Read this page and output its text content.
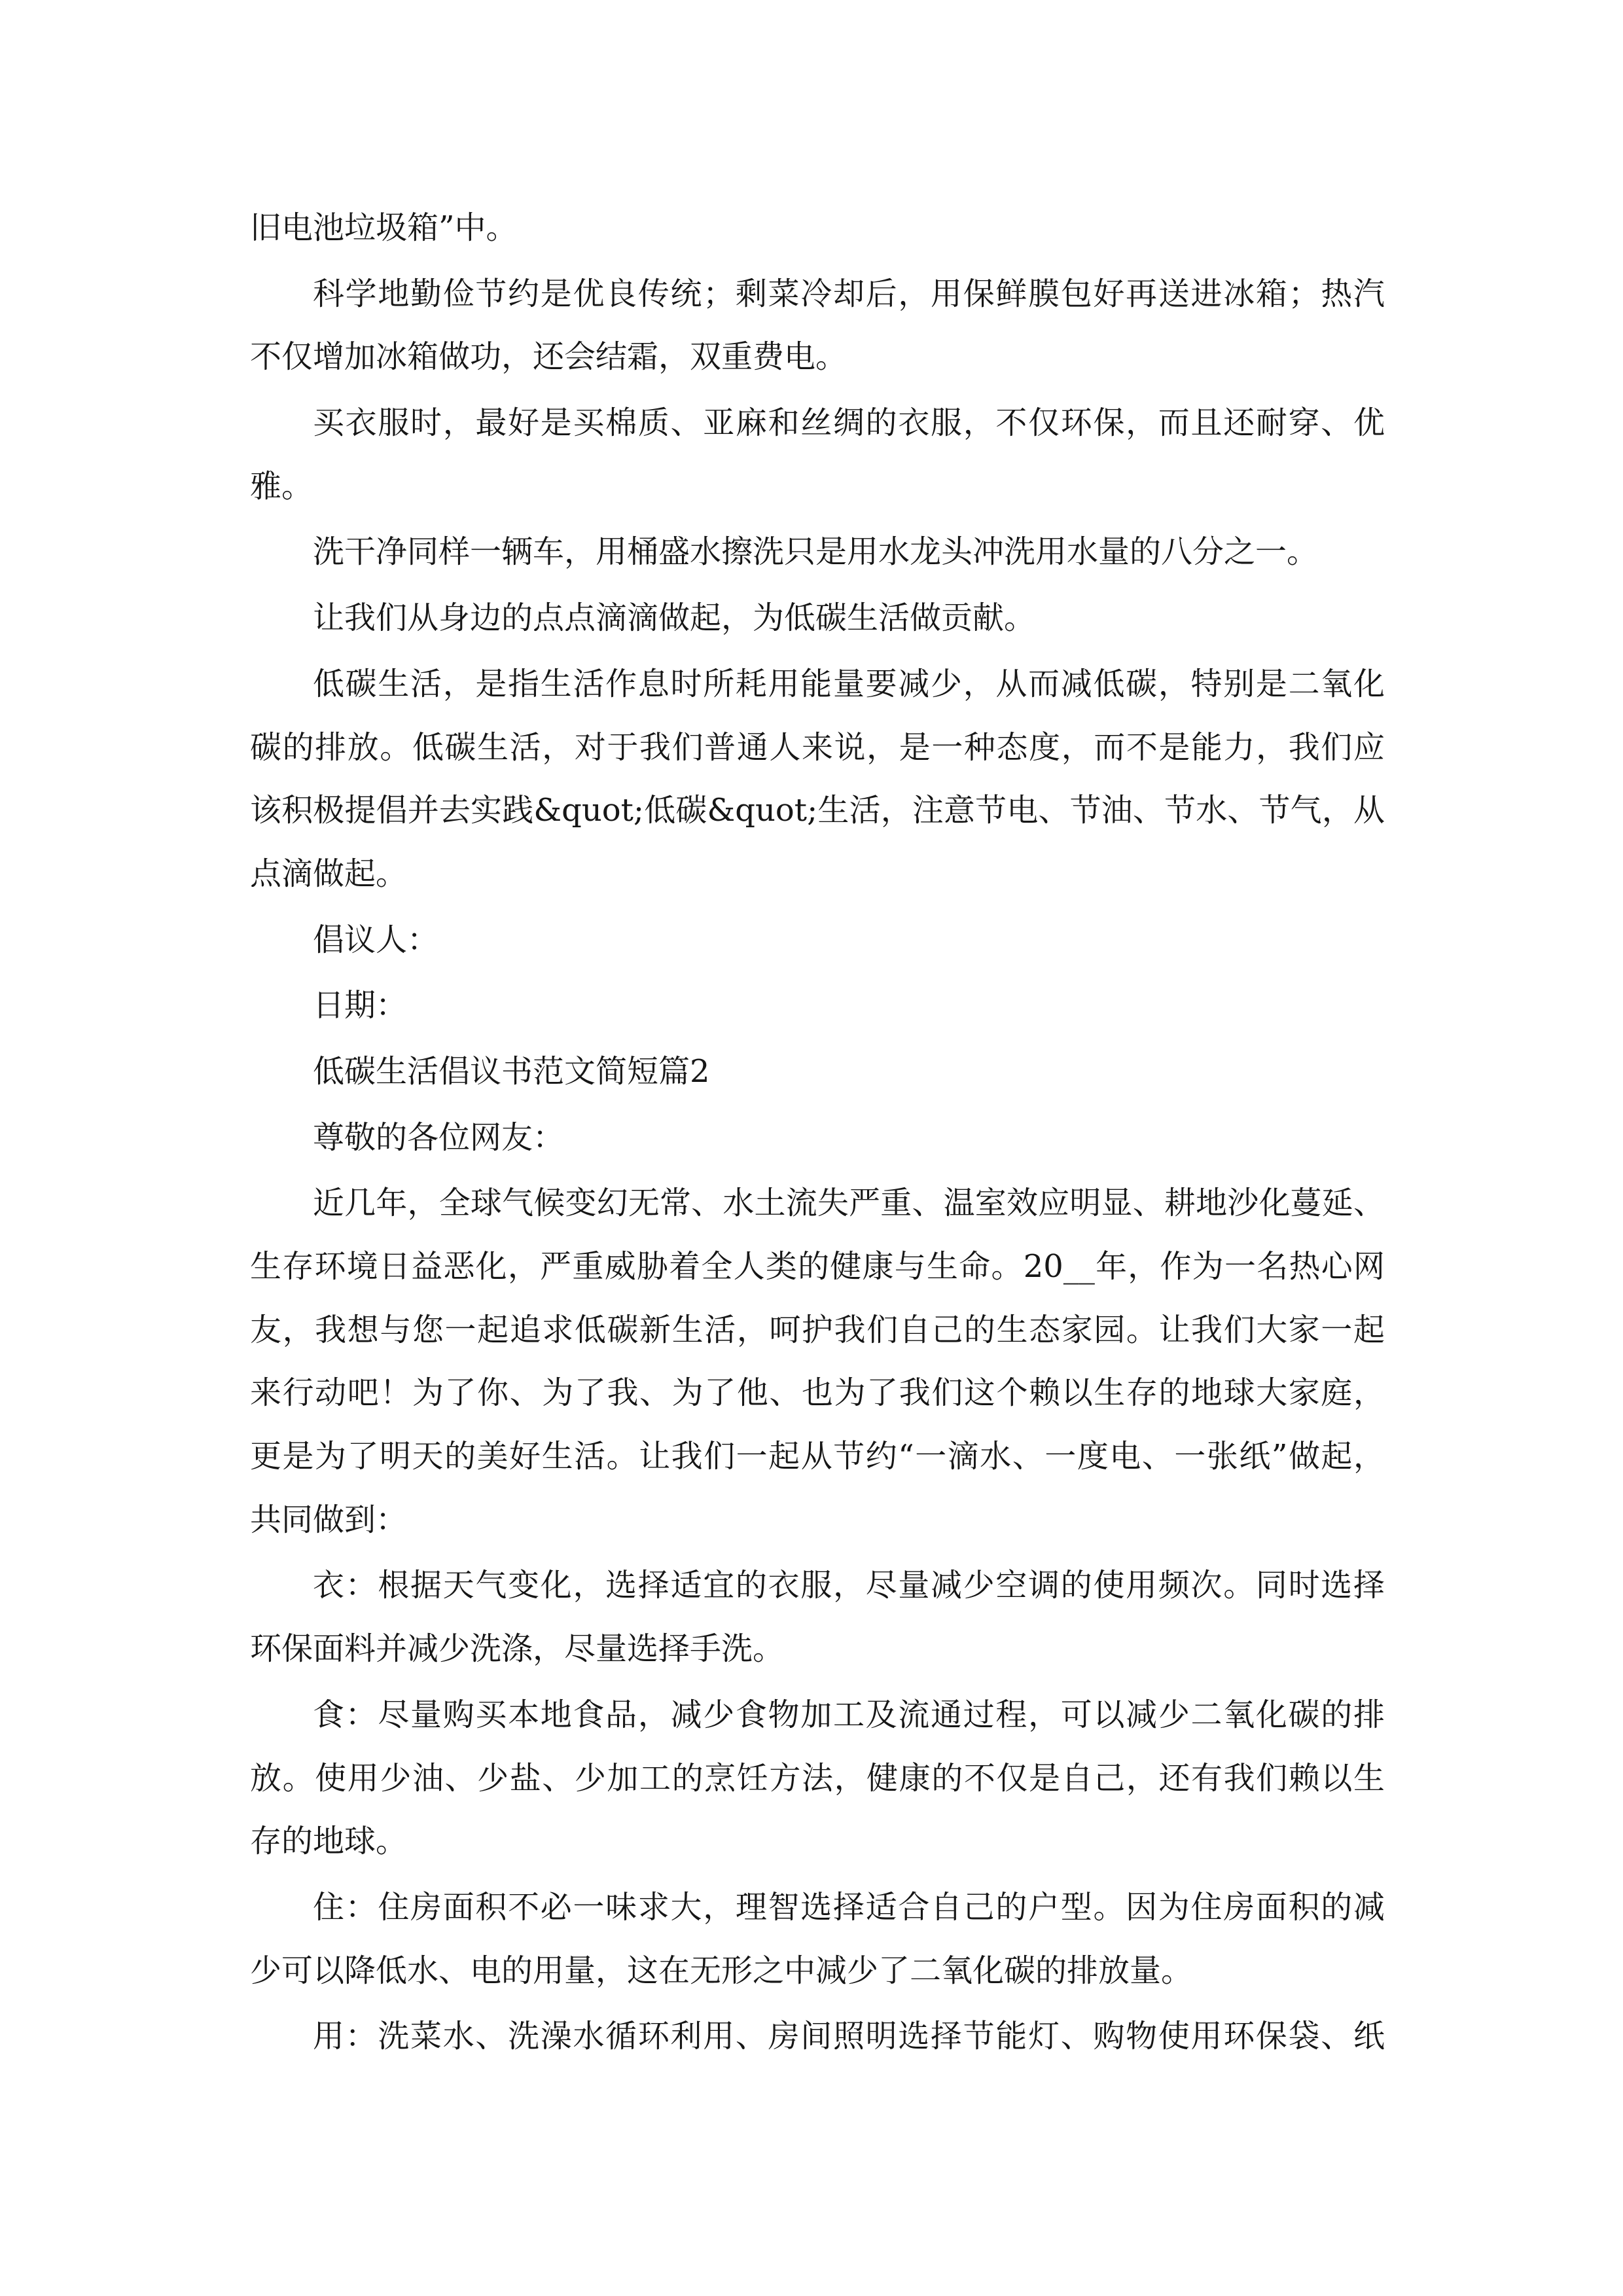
旧电池垃圾箱”中。
科学地勤俭节约是优良传统；剩菜冷却后，用保鲜膜包好再送进冰箱；热汽
不仅增加冰箱做功，还会结霜，双重费电。
买衣服时，最好是买棉质、亚麻和丝绸的衣服，不仅环保，而且还耐穿、优
雅。
洗干净同样一辆车，用桶盛水擦洗只是用水龙头冲洗用水量的八分之一。
让我们从身边的点点滴滴做起，为低碳生活做贡献。
低碳生活，是指生活作息时所耗用能量要减少，从而减低碳，特别是二氧化
碳的排放。低碳生活，对于我们普通人来说，是一种态度，而不是能力，我们应
该积极提倡并去实践&quot;低碳&quot;生活，注意节电、节油、节水、节气，从
点滴做起。
倡议人：
日期：
低碳生活倡议书范文简短篇2
尊敬的各位网友：
近几年，全球气候变幻无常、水土流失严重、温室效应明显、耕地沙化蔓延、
生存环境日益恶化，严重威胁着全人类的健康与生命。20__年，作为一名热心网
友，我想与您一起追求低碳新生活，呵护我们自己的生态家园。让我们大家一起
来行动吧！为了你、为了我、为了他、也为了我们这个赖以生存的地球大家庭，
更是为了明天的美好生活。让我们一起从节约“一滴水、一度电、一张纸”做起，
共同做到：
衣：根据天气变化，选择适宜的衣服，尽量减少空调的使用频次。同时选择
环保面料并减少洗涤，尽量选择手洗。
食：尽量购买本地食品，减少食物加工及流通过程，可以减少二氧化碳的排
放。使用少油、少盐、少加工的烹饪方法，健康的不仅是自己，还有我们赖以生
存的地球。
住：住房面积不必一味求大，理智选择适合自己的户型。因为住房面积的减
少可以降低水、电的用量，这在无形之中减少了二氧化碳的排放量。
用：洗菜水、洗澡水循环利用、房间照明选择节能灯、购物使用环保袋、纸
